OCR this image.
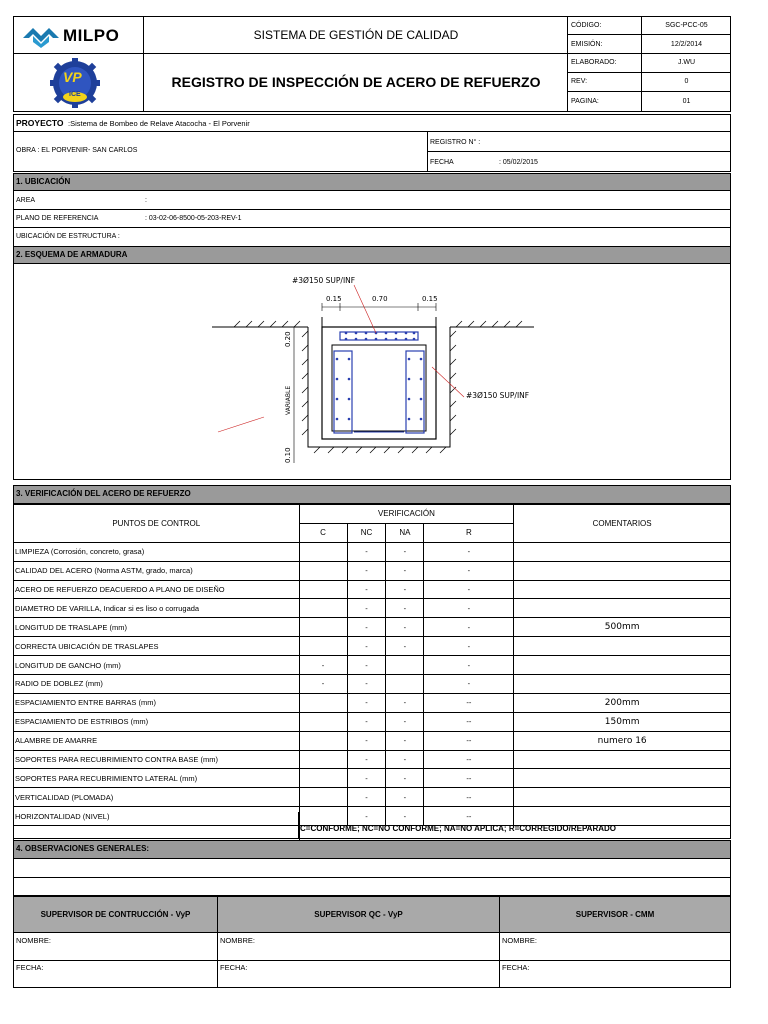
MILPO
VP
ICE
SISTEMA DE GESTIÓN DE CALIDAD
REGISTRO DE INSPECCIÓN DE ACERO DE REFUERZO
CÓDIGO:	SGC-PCC-05
EMISIÓN:	12/2/2014
ELABORADO:	J.WU
REV:	0
PAGINA:	01
PROYECTO :Sistema de Bombeo de Relave Atacocha - El Porvenir
OBRA : EL PORVENIR- SAN CARLOS
REGISTRO N° :
FECHA	: 05/02/2015
1. UBICACIÓN
AREA	:
PLANO DE REFERENCIA	: 03-02-06-8500-05-203-REV-1
UBICACIÓN DE ESTRUCTURA :
2. ESQUEMA DE ARMADURA
#3Ø150 SUP/INF
#3Ø150 SUP/INF
0.15	0.70	0.15
0.20
VARIABLE
0.10
3. VERIFICACIÓN DEL ACERO DE REFUERZO
PUNTOS DE CONTROL	VERIFICACIÓN				COMENTARIOS
	C	NC	NA	R	
LIMPIEZA (Corrosión, concreto, grasa)		-	-	-	
CALIDAD DEL ACERO (Norma ASTM, grado, marca)		-	-	-	
ACERO DE REFUERZO DEACUERDO A PLANO DE DISEÑO		-	-	-	
DIAMETRO DE VARILLA, Indicar si es liso o corrugada		-	-	-	
LONGITUD DE TRASLAPE (mm)		-	-	-	500mm
CORRECTA UBICACIÓN DE TRASLAPES		-	-	-	
LONGITUD DE GANCHO (mm)	-	-		-	
RADIO DE DOBLEZ (mm)	-	-		-	
ESPACIAMIENTO ENTRE BARRAS (mm)		-	-	--	200mm
ESPACIAMIENTO DE ESTRIBOS (mm)		-	-	--	150mm
ALAMBRE DE AMARRE		-	-	--	numero 16
SOPORTES PARA RECUBRIMIENTO CONTRA BASE (mm)		-	-	--	
SOPORTES PARA RECUBRIMIENTO LATERAL (mm)		-	-	--	
VERTICALIDAD (PLOMADA)		-	-	--	
HORIZONTALIDAD (NIVEL)		-	-	--	

C=CONFORME; NC=NO CONFORME; NA=NO APLICA; R=CORREGIDO/REPARADO
4. OBSERVACIONES GENERALES:
SUPERVISOR DE CONTRUCCIÓN - VyP	SUPERVISOR QC - VyP	SUPERVISOR - CMM
NOMBRE:	NOMBRE:	NOMBRE:
FECHA:	FECHA:	FECHA:
